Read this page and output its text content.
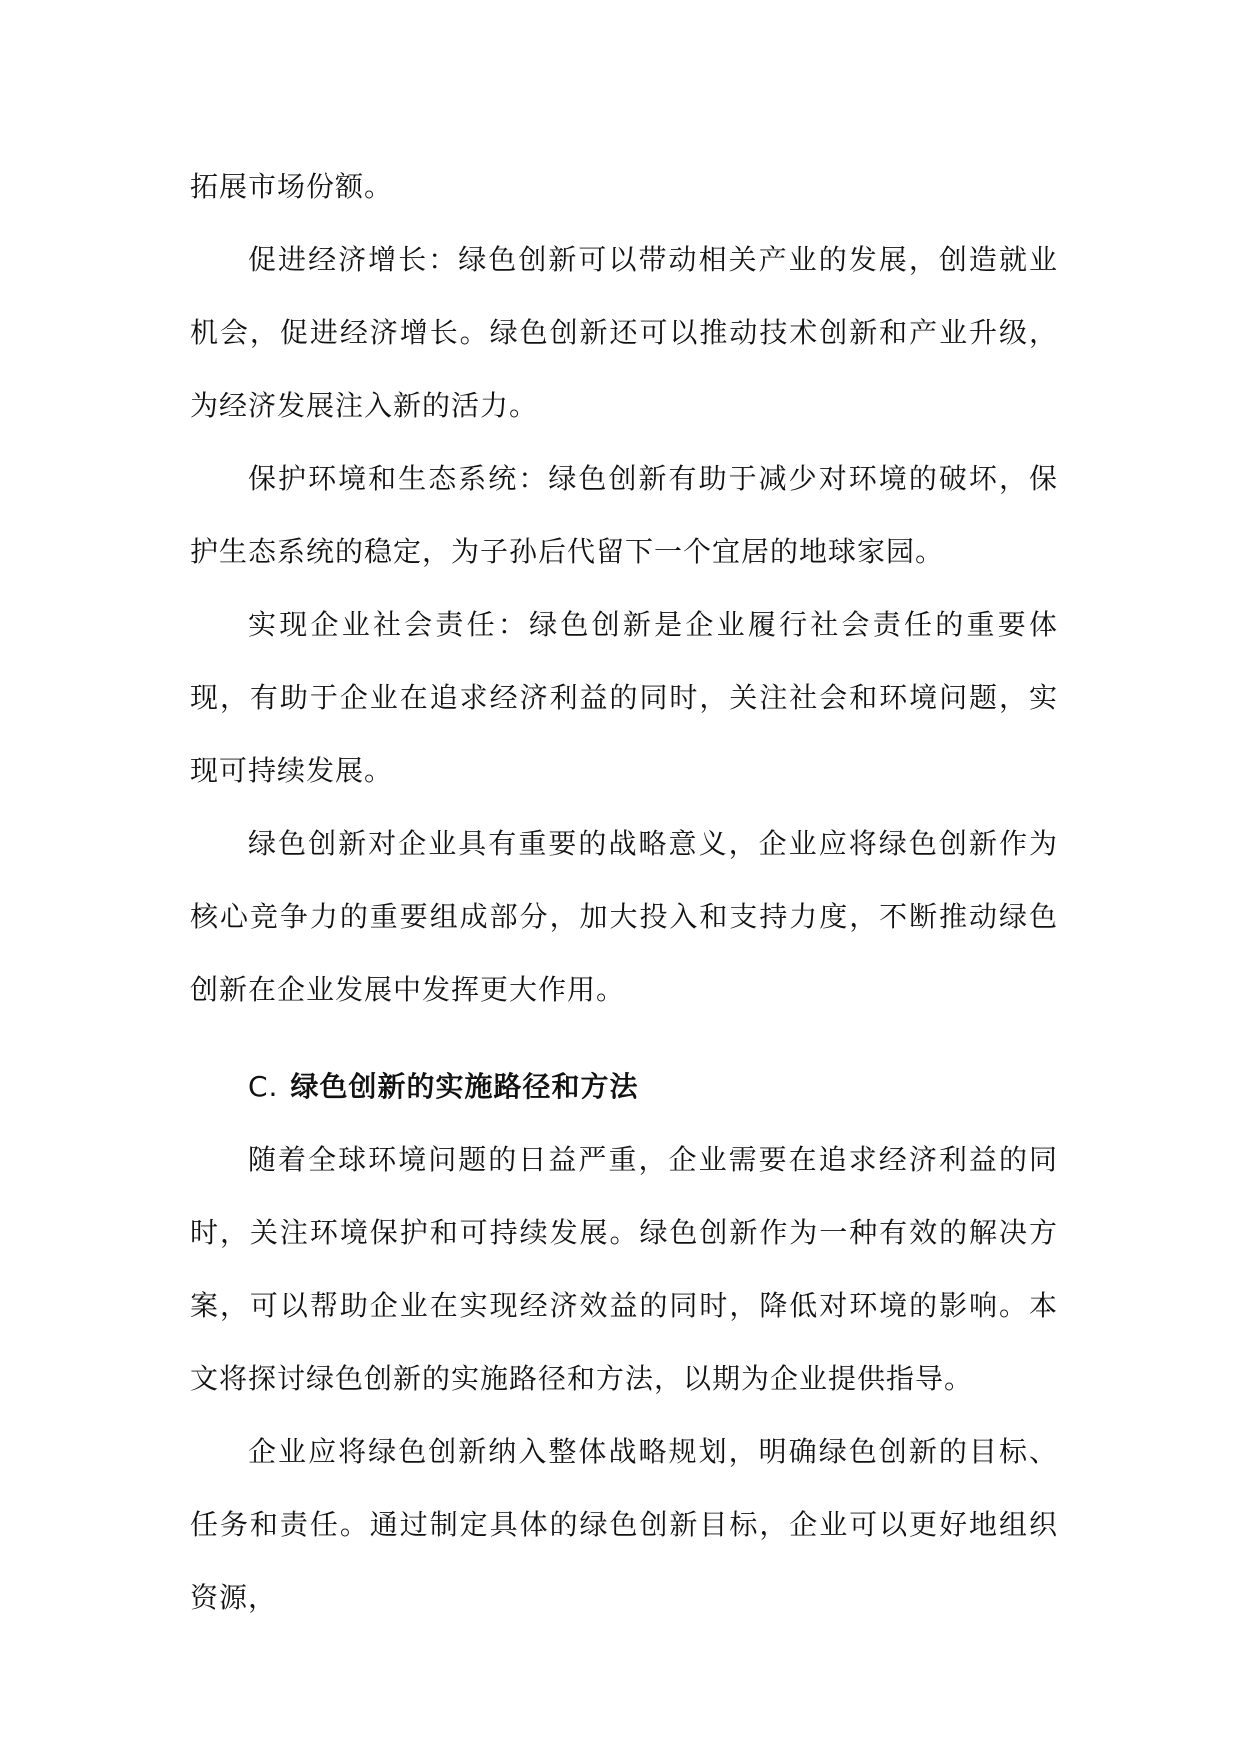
拓展市场份额。

促进经济增长：绿色创新可以带动相关产业的发展，创造就业机会，促进经济增长。绿色创新还可以推动技术创新和产业升级，为经济发展注入新的活力。

保护环境和生态系统：绿色创新有助于减少对环境的破坏，保护生态系统的稳定，为子孙后代留下一个宜居的地球家园。

实现企业社会责任：绿色创新是企业履行社会责任的重要体现，有助于企业在追求经济利益的同时，关注社会和环境问题，实现可持续发展。

绿色创新对企业具有重要的战略意义，企业应将绿色创新作为核心竞争力的重要组成部分，加大投入和支持力度，不断推动绿色创新在企业发展中发挥更大作用。

C. 绿色创新的实施路径和方法

随着全球环境问题的日益严重，企业需要在追求经济利益的同时，关注环境保护和可持续发展。绿色创新作为一种有效的解决方案，可以帮助企业在实现经济效益的同时，降低对环境的影响。本文将探讨绿色创新的实施路径和方法，以期为企业提供指导。

企业应将绿色创新纳入整体战略规划，明确绿色创新的目标、任务和责任。通过制定具体的绿色创新目标，企业可以更好地组织资源，
